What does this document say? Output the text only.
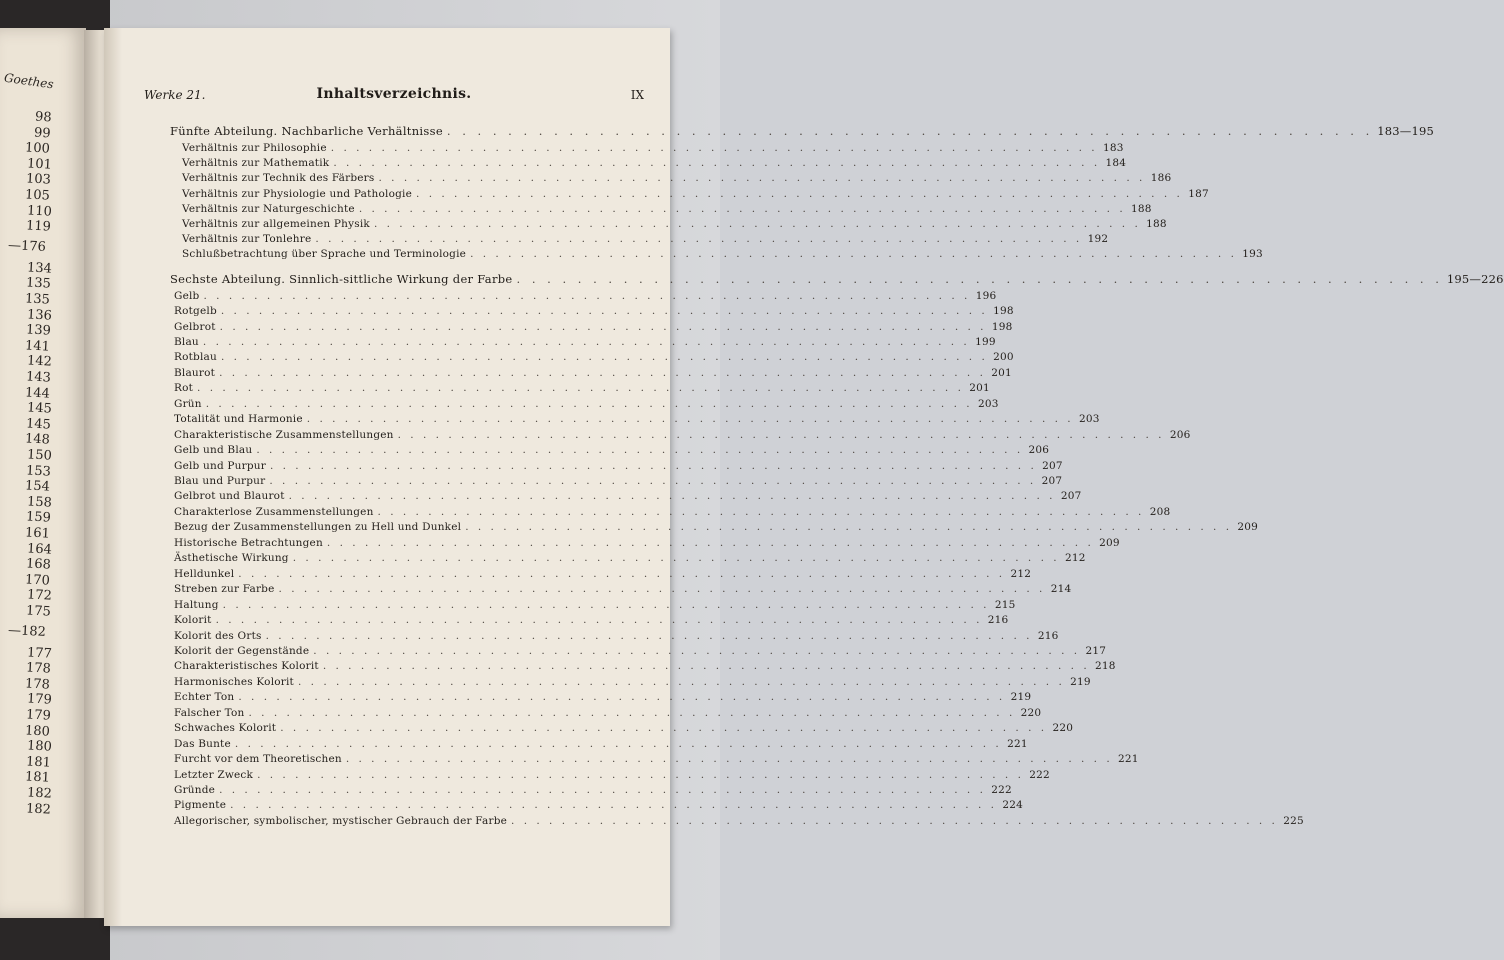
Goethes
98
99
100
101
103
105
110
119
—176
134
135
135
136
139
141
142
143
144
145
145
148
150
153
154
158
159
161
164
168
170
172
175
—182
177
178
178
179
179
180
180
181
181
182
182
Werke 21.	Inhaltsverzeichnis.	IX
Fünfte Abteilung. Nachbarliche Verhältnisse . . . . . . . . . . . . . . . . . . . . . . . . . . . . . . . . . . . . . . . . . . . . . . . . . . . . . . . . . . . . . 183—195
Verhältnis zur Philosophie . . . . . . . . . . . . . . . . . . . . . . . . . . . . . . . . . . . . . . . . . . . . . . . . . . . . . . . . . . . . . 183
Verhältnis zur Mathematik . . . . . . . . . . . . . . . . . . . . . . . . . . . . . . . . . . . . . . . . . . . . . . . . . . . . . . . . . . . . . 184
Verhältnis zur Technik des Färbers . . . . . . . . . . . . . . . . . . . . . . . . . . . . . . . . . . . . . . . . . . . . . . . . . . . . . . . . . . . . . 186
Verhältnis zur Physiologie und Pathologie . . . . . . . . . . . . . . . . . . . . . . . . . . . . . . . . . . . . . . . . . . . . . . . . . . . . . . . . . . . . . 187
Verhältnis zur Naturgeschichte . . . . . . . . . . . . . . . . . . . . . . . . . . . . . . . . . . . . . . . . . . . . . . . . . . . . . . . . . . . . . 188
Verhältnis zur allgemeinen Physik . . . . . . . . . . . . . . . . . . . . . . . . . . . . . . . . . . . . . . . . . . . . . . . . . . . . . . . . . . . . . 188
Verhältnis zur Tonlehre . . . . . . . . . . . . . . . . . . . . . . . . . . . . . . . . . . . . . . . . . . . . . . . . . . . . . . . . . . . . . 192
Schlußbetrachtung über Sprache und Terminologie . . . . . . . . . . . . . . . . . . . . . . . . . . . . . . . . . . . . . . . . . . . . . . . . . . . . . . . . . . . . . 193
Sechste Abteilung. Sinnlich-sittliche Wirkung der Farbe . . . . . . . . . . . . . . . . . . . . . . . . . . . . . . . . . . . . . . . . . . . . . . . . . . . . . . . . . . . . . 195—226
Gelb . . . . . . . . . . . . . . . . . . . . . . . . . . . . . . . . . . . . . . . . . . . . . . . . . . . . . . . . . . . . . 196
Rotgelb . . . . . . . . . . . . . . . . . . . . . . . . . . . . . . . . . . . . . . . . . . . . . . . . . . . . . . . . . . . . . 198
Gelbrot . . . . . . . . . . . . . . . . . . . . . . . . . . . . . . . . . . . . . . . . . . . . . . . . . . . . . . . . . . . . . 198
Blau . . . . . . . . . . . . . . . . . . . . . . . . . . . . . . . . . . . . . . . . . . . . . . . . . . . . . . . . . . . . . 199
Rotblau . . . . . . . . . . . . . . . . . . . . . . . . . . . . . . . . . . . . . . . . . . . . . . . . . . . . . . . . . . . . . 200
Blaurot . . . . . . . . . . . . . . . . . . . . . . . . . . . . . . . . . . . . . . . . . . . . . . . . . . . . . . . . . . . . . 201
Rot . . . . . . . . . . . . . . . . . . . . . . . . . . . . . . . . . . . . . . . . . . . . . . . . . . . . . . . . . . . . . 201
Grün . . . . . . . . . . . . . . . . . . . . . . . . . . . . . . . . . . . . . . . . . . . . . . . . . . . . . . . . . . . . . 203
Totalität und Harmonie . . . . . . . . . . . . . . . . . . . . . . . . . . . . . . . . . . . . . . . . . . . . . . . . . . . . . . . . . . . . . 203
Charakteristische Zusammenstellungen . . . . . . . . . . . . . . . . . . . . . . . . . . . . . . . . . . . . . . . . . . . . . . . . . . . . . . . . . . . . . 206
Gelb und Blau . . . . . . . . . . . . . . . . . . . . . . . . . . . . . . . . . . . . . . . . . . . . . . . . . . . . . . . . . . . . . 206
Gelb und Purpur . . . . . . . . . . . . . . . . . . . . . . . . . . . . . . . . . . . . . . . . . . . . . . . . . . . . . . . . . . . . . 207
Blau und Purpur . . . . . . . . . . . . . . . . . . . . . . . . . . . . . . . . . . . . . . . . . . . . . . . . . . . . . . . . . . . . . 207
Gelbrot und Blaurot . . . . . . . . . . . . . . . . . . . . . . . . . . . . . . . . . . . . . . . . . . . . . . . . . . . . . . . . . . . . . 207
Charakterlose Zusammenstellungen . . . . . . . . . . . . . . . . . . . . . . . . . . . . . . . . . . . . . . . . . . . . . . . . . . . . . . . . . . . . . 208
Bezug der Zusammenstellungen zu Hell und Dunkel . . . . . . . . . . . . . . . . . . . . . . . . . . . . . . . . . . . . . . . . . . . . . . . . . . . . . . . . . . . . . 209
Historische Betrachtungen . . . . . . . . . . . . . . . . . . . . . . . . . . . . . . . . . . . . . . . . . . . . . . . . . . . . . . . . . . . . . 209
Ästhetische Wirkung . . . . . . . . . . . . . . . . . . . . . . . . . . . . . . . . . . . . . . . . . . . . . . . . . . . . . . . . . . . . . 212
Helldunkel . . . . . . . . . . . . . . . . . . . . . . . . . . . . . . . . . . . . . . . . . . . . . . . . . . . . . . . . . . . . . 212
Streben zur Farbe . . . . . . . . . . . . . . . . . . . . . . . . . . . . . . . . . . . . . . . . . . . . . . . . . . . . . . . . . . . . . 214
Haltung . . . . . . . . . . . . . . . . . . . . . . . . . . . . . . . . . . . . . . . . . . . . . . . . . . . . . . . . . . . . . 215
Kolorit . . . . . . . . . . . . . . . . . . . . . . . . . . . . . . . . . . . . . . . . . . . . . . . . . . . . . . . . . . . . . 216
Kolorit des Orts . . . . . . . . . . . . . . . . . . . . . . . . . . . . . . . . . . . . . . . . . . . . . . . . . . . . . . . . . . . . . 216
Kolorit der Gegenstände . . . . . . . . . . . . . . . . . . . . . . . . . . . . . . . . . . . . . . . . . . . . . . . . . . . . . . . . . . . . . 217
Charakteristisches Kolorit . . . . . . . . . . . . . . . . . . . . . . . . . . . . . . . . . . . . . . . . . . . . . . . . . . . . . . . . . . . . . 218
Harmonisches Kolorit . . . . . . . . . . . . . . . . . . . . . . . . . . . . . . . . . . . . . . . . . . . . . . . . . . . . . . . . . . . . . 219
Echter Ton . . . . . . . . . . . . . . . . . . . . . . . . . . . . . . . . . . . . . . . . . . . . . . . . . . . . . . . . . . . . . 219
Falscher Ton . . . . . . . . . . . . . . . . . . . . . . . . . . . . . . . . . . . . . . . . . . . . . . . . . . . . . . . . . . . . . 220
Schwaches Kolorit . . . . . . . . . . . . . . . . . . . . . . . . . . . . . . . . . . . . . . . . . . . . . . . . . . . . . . . . . . . . . 220
Das Bunte . . . . . . . . . . . . . . . . . . . . . . . . . . . . . . . . . . . . . . . . . . . . . . . . . . . . . . . . . . . . . 221
Furcht vor dem Theoretischen . . . . . . . . . . . . . . . . . . . . . . . . . . . . . . . . . . . . . . . . . . . . . . . . . . . . . . . . . . . . . 221
Letzter Zweck . . . . . . . . . . . . . . . . . . . . . . . . . . . . . . . . . . . . . . . . . . . . . . . . . . . . . . . . . . . . . 222
Gründe . . . . . . . . . . . . . . . . . . . . . . . . . . . . . . . . . . . . . . . . . . . . . . . . . . . . . . . . . . . . . 222
Pigmente . . . . . . . . . . . . . . . . . . . . . . . . . . . . . . . . . . . . . . . . . . . . . . . . . . . . . . . . . . . . . 224
Allegorischer, symbolischer, mystischer Gebrauch der Farbe . . . . . . . . . . . . . . . . . . . . . . . . . . . . . . . . . . . . . . . . . . . . . . . . . . . . . . . . . . . . . 225
